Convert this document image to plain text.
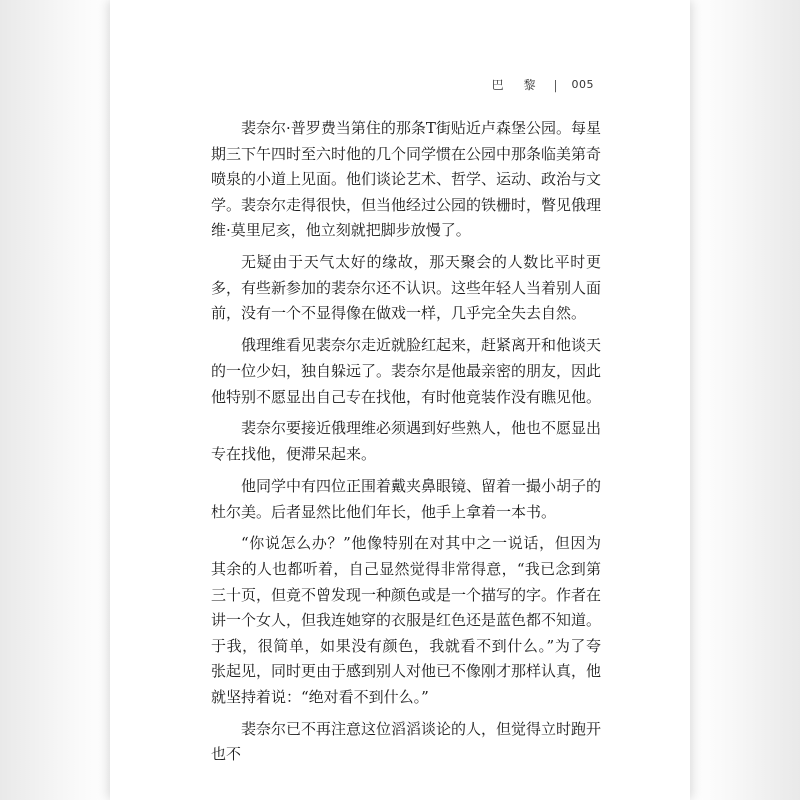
巴 黎 | 005

裴奈尔·普罗费当第住的那条T街贴近卢森堡公园。每星期三下午四时至六时他的几个同学惯在公园中那条临美第奇喷泉的小道上见面。他们谈论艺术、哲学、运动、政治与文学。裴奈尔走得很快，但当他经过公园的铁栅时，瞥见俄理维·莫里尼亥，他立刻就把脚步放慢了。

无疑由于天气太好的缘故，那天聚会的人数比平时更多，有些新参加的裴奈尔还不认识。这些年轻人当着别人面前，没有一个不显得像在做戏一样，几乎完全失去自然。

俄理维看见裴奈尔走近就脸红起来，赶紧离开和他谈天的一位少妇，独自躲远了。裴奈尔是他最亲密的朋友，因此他特别不愿显出自己专在找他，有时他竟装作没有瞧见他。

裴奈尔要接近俄理维必须遇到好些熟人，他也不愿显出专在找他，便滞呆起来。

他同学中有四位正围着戴夹鼻眼镜、留着一撮小胡子的杜尔美。后者显然比他们年长，他手上拿着一本书。

“你说怎么办？”他像特别在对其中之一说话，但因为其余的人也都听着，自己显然觉得非常得意，“我已念到第三十页，但竟不曾发现一种颜色或是一个描写的字。作者在讲一个女人，但我连她穿的衣服是红色还是蓝色都不知道。于我，很简单，如果没有颜色，我就看不到什么。”为了夸张起见，同时更由于感到别人对他已不像刚才那样认真，他就坚持着说：“绝对看不到什么。”

裴奈尔已不再注意这位滔滔谈论的人，但觉得立时跑开也不
